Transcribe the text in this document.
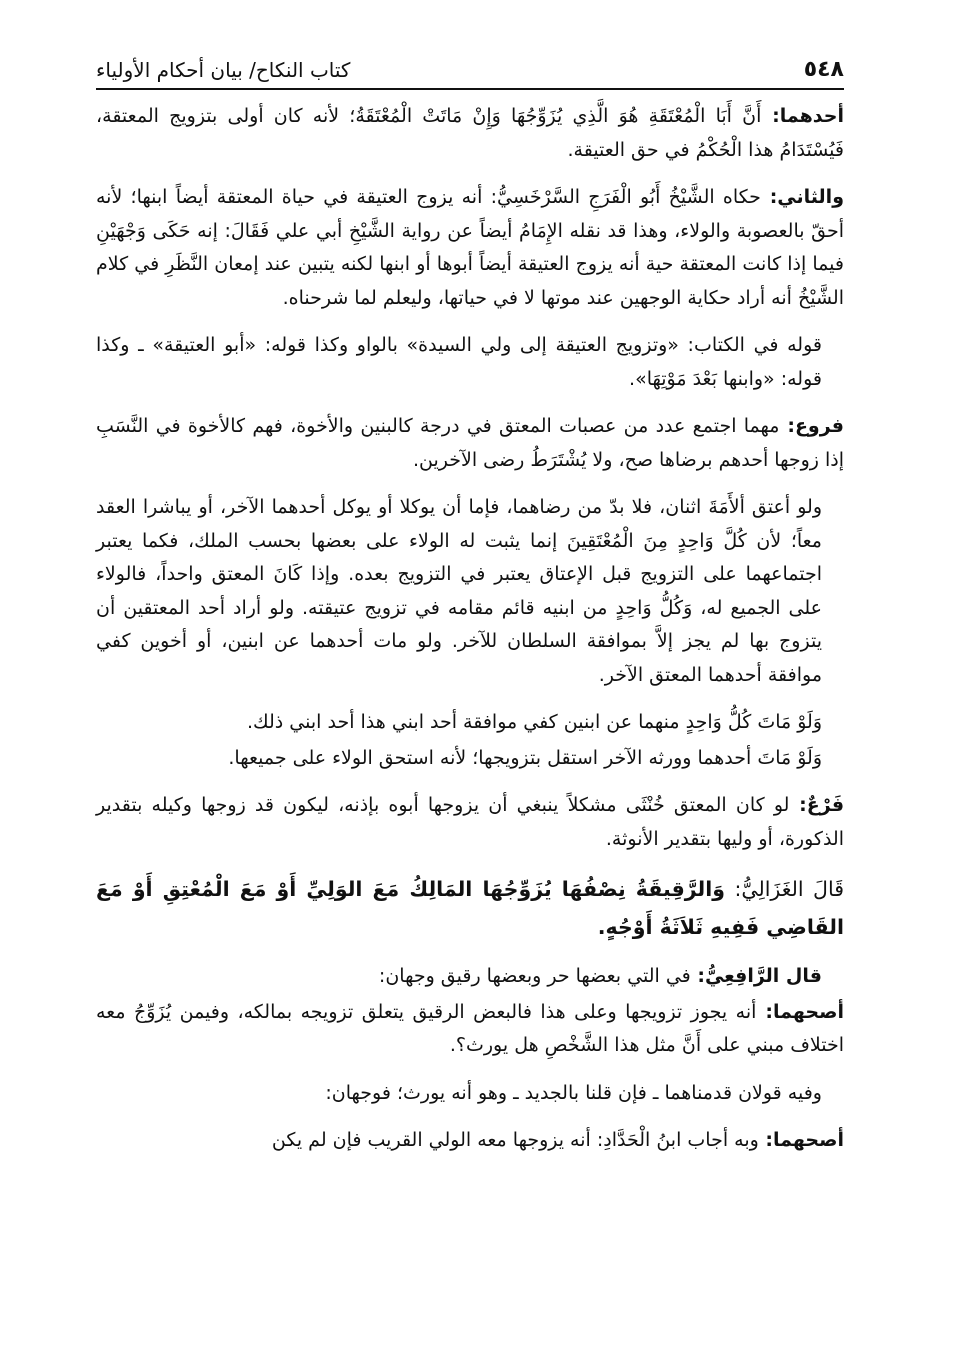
٥٤٨
كتاب النكاح/ بيان أحكام الأولياء

أحدهما: أَنَّ أَبَا الْمُعْتَقَةِ هُوَ الَّذِي يُزَوِّجُهَا وَإِنْ مَاتَتْ الْمُعْتَقَةُ؛ لأنه كان أولى بتزويج المعتقة، فَيُسْتَدَامُ هذا الْحُكْمُ في حق العتيقة.

والثاني: حكاه الشَّيْخُ أَبُو الْفَرَجِ السَّرْخَسِيُّ: أنه يزوج العتيقة في حياة المعتقة أيضاً ابنها؛ لأنه أحقّ بالعصوبة والولاء، وهذا قد نقله الإِمَامُ أيضاً عن رواية الشَّيْخِ أبي علي فَقَالَ: إنه حَكَى وَجْهَيْنِ فيما إذا كانت المعتقة حية أنه يزوج العتيقة أيضاً أبوها أو ابنها لكنه يتبين عند إمعان النَّظَرِ في كلام الشَّيْخُ أنه أراد حكاية الوجهين عند موتها لا في حياتها، وليعلم لما شرحناه.

قوله في الكتاب: «وتزويج العتيقة إلى ولي السيدة» بالواو وكذا قوله: «أبو العتيقة» ـ وكذا قوله: «وابنها بَعْدَ مَوْتِهَا».

فروع: مهما اجتمع عدد من عصبات المعتق في درجة كالبنين والأخوة، فهم كالأخوة في النَّسَبِ إذا زوجها أحدهم برضاها صح، ولا يُشْتَرَطُ رضى الآخرين.

ولو أعتق ألأَمَةَ اثنان، فلا بدّ من رضاهما، فإما أن يوكلا أو يوكل أحدهما الآخر، أو يباشرا العقد معاً؛ لأن كُلَّ وَاحِدٍ مِنَ الْمُعْتَقِينَ إنما يثبت له الولاء على بعضها بحسب الملك، فكما يعتبر اجتماعهما على التزويج قبل الإعتاق يعتبر في التزويج بعده. وإذا كَانَ المعتق واحداً، فالولاء على الجميع له، وَكُلُّ وَاحِدٍ من ابنيه قائم مقامه في تزويج عتيقته. ولو أراد أحد المعتقين أن يتزوج بها لم يجز إلاَّ بموافقة السلطان للآخر. ولو مات أحدهما عن ابنين، أو أخوين كفي موافقة أحدهما المعتق الآخر.

وَلَوْ مَاتَ كُلُّ وَاحِدٍ منهما عن ابنين كفي موافقة أحد ابني هذا أحد ابني ذلك.

وَلَوْ مَاتَ أحدهما وورثه الآخر استقل بتزويجها؛ لأنه استحق الولاء على جميعها.

فَرْعٌ: لو كان المعتق خُنْثَى مشكلاً ينبغي أن يزوجها أبوه بإذنه، ليكون قد زوجها وكيله بتقدير الذكورة، أو وليها بتقدير الأنوثة.

قَالَ الغَزَالِيُّ: وَالرَّقِيقَةُ نِصْفُهَا يُزَوِّجُهَا المَالِكُ مَعَ الوَلِيِّ أَوْ مَعَ الْمُعْتِقِ أَوْ مَعَ القَاضِي فَفِيهِ ثَلاَثَةُ أَوْجُهٍ.

قال الرَّافِعِيُّ: في التي بعضها حر وبعضها رقيق وجهان:

أصحهما: أنه يجوز تزويجها وعلى هذا فالبعض الرقيق يتعلق تزويجه بمالكه، وفيمن يُزَوِّجُ معه اختلاف مبني على أَنَّ مثل هذا الشَّخْصِ هل يورث؟.

وفيه قولان قدمناهما ـ فإن قلنا بالجديد ـ وهو أنه يورث؛ فوجهان:

أصحهما: وبه أجاب ابنُ الْحَدَّادِ: أنه يزوجها معه الولي القريب فإن لم يكن
